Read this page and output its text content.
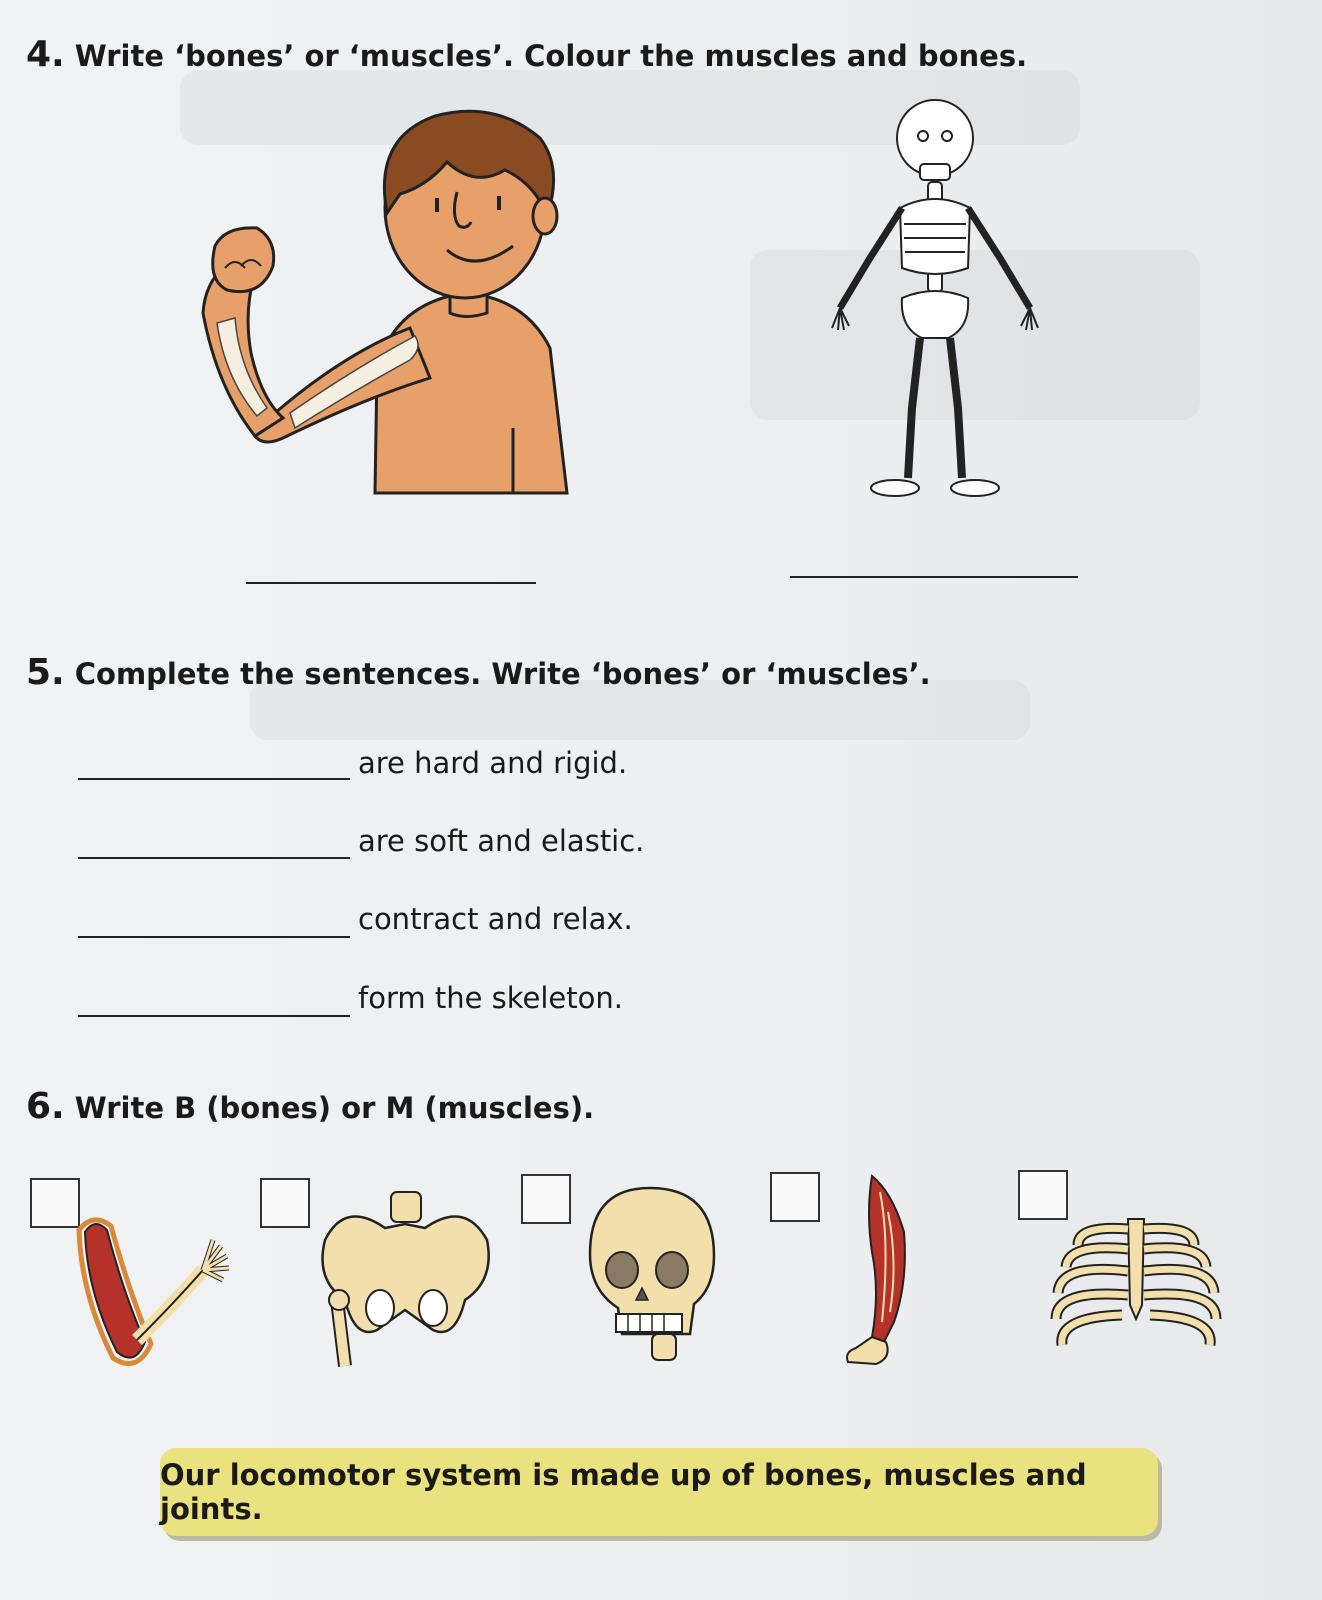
4. Write ‘bones’ or ‘muscles’. Colour the muscles and bones.
5. Complete the sentences. Write ‘bones’ or ‘muscles’.
are hard and rigid.
are soft and elastic.
contract and relax.
form the skeleton.
6. Write B (bones) or M (muscles).
Our locomotor system is made up of bones, muscles and joints.
